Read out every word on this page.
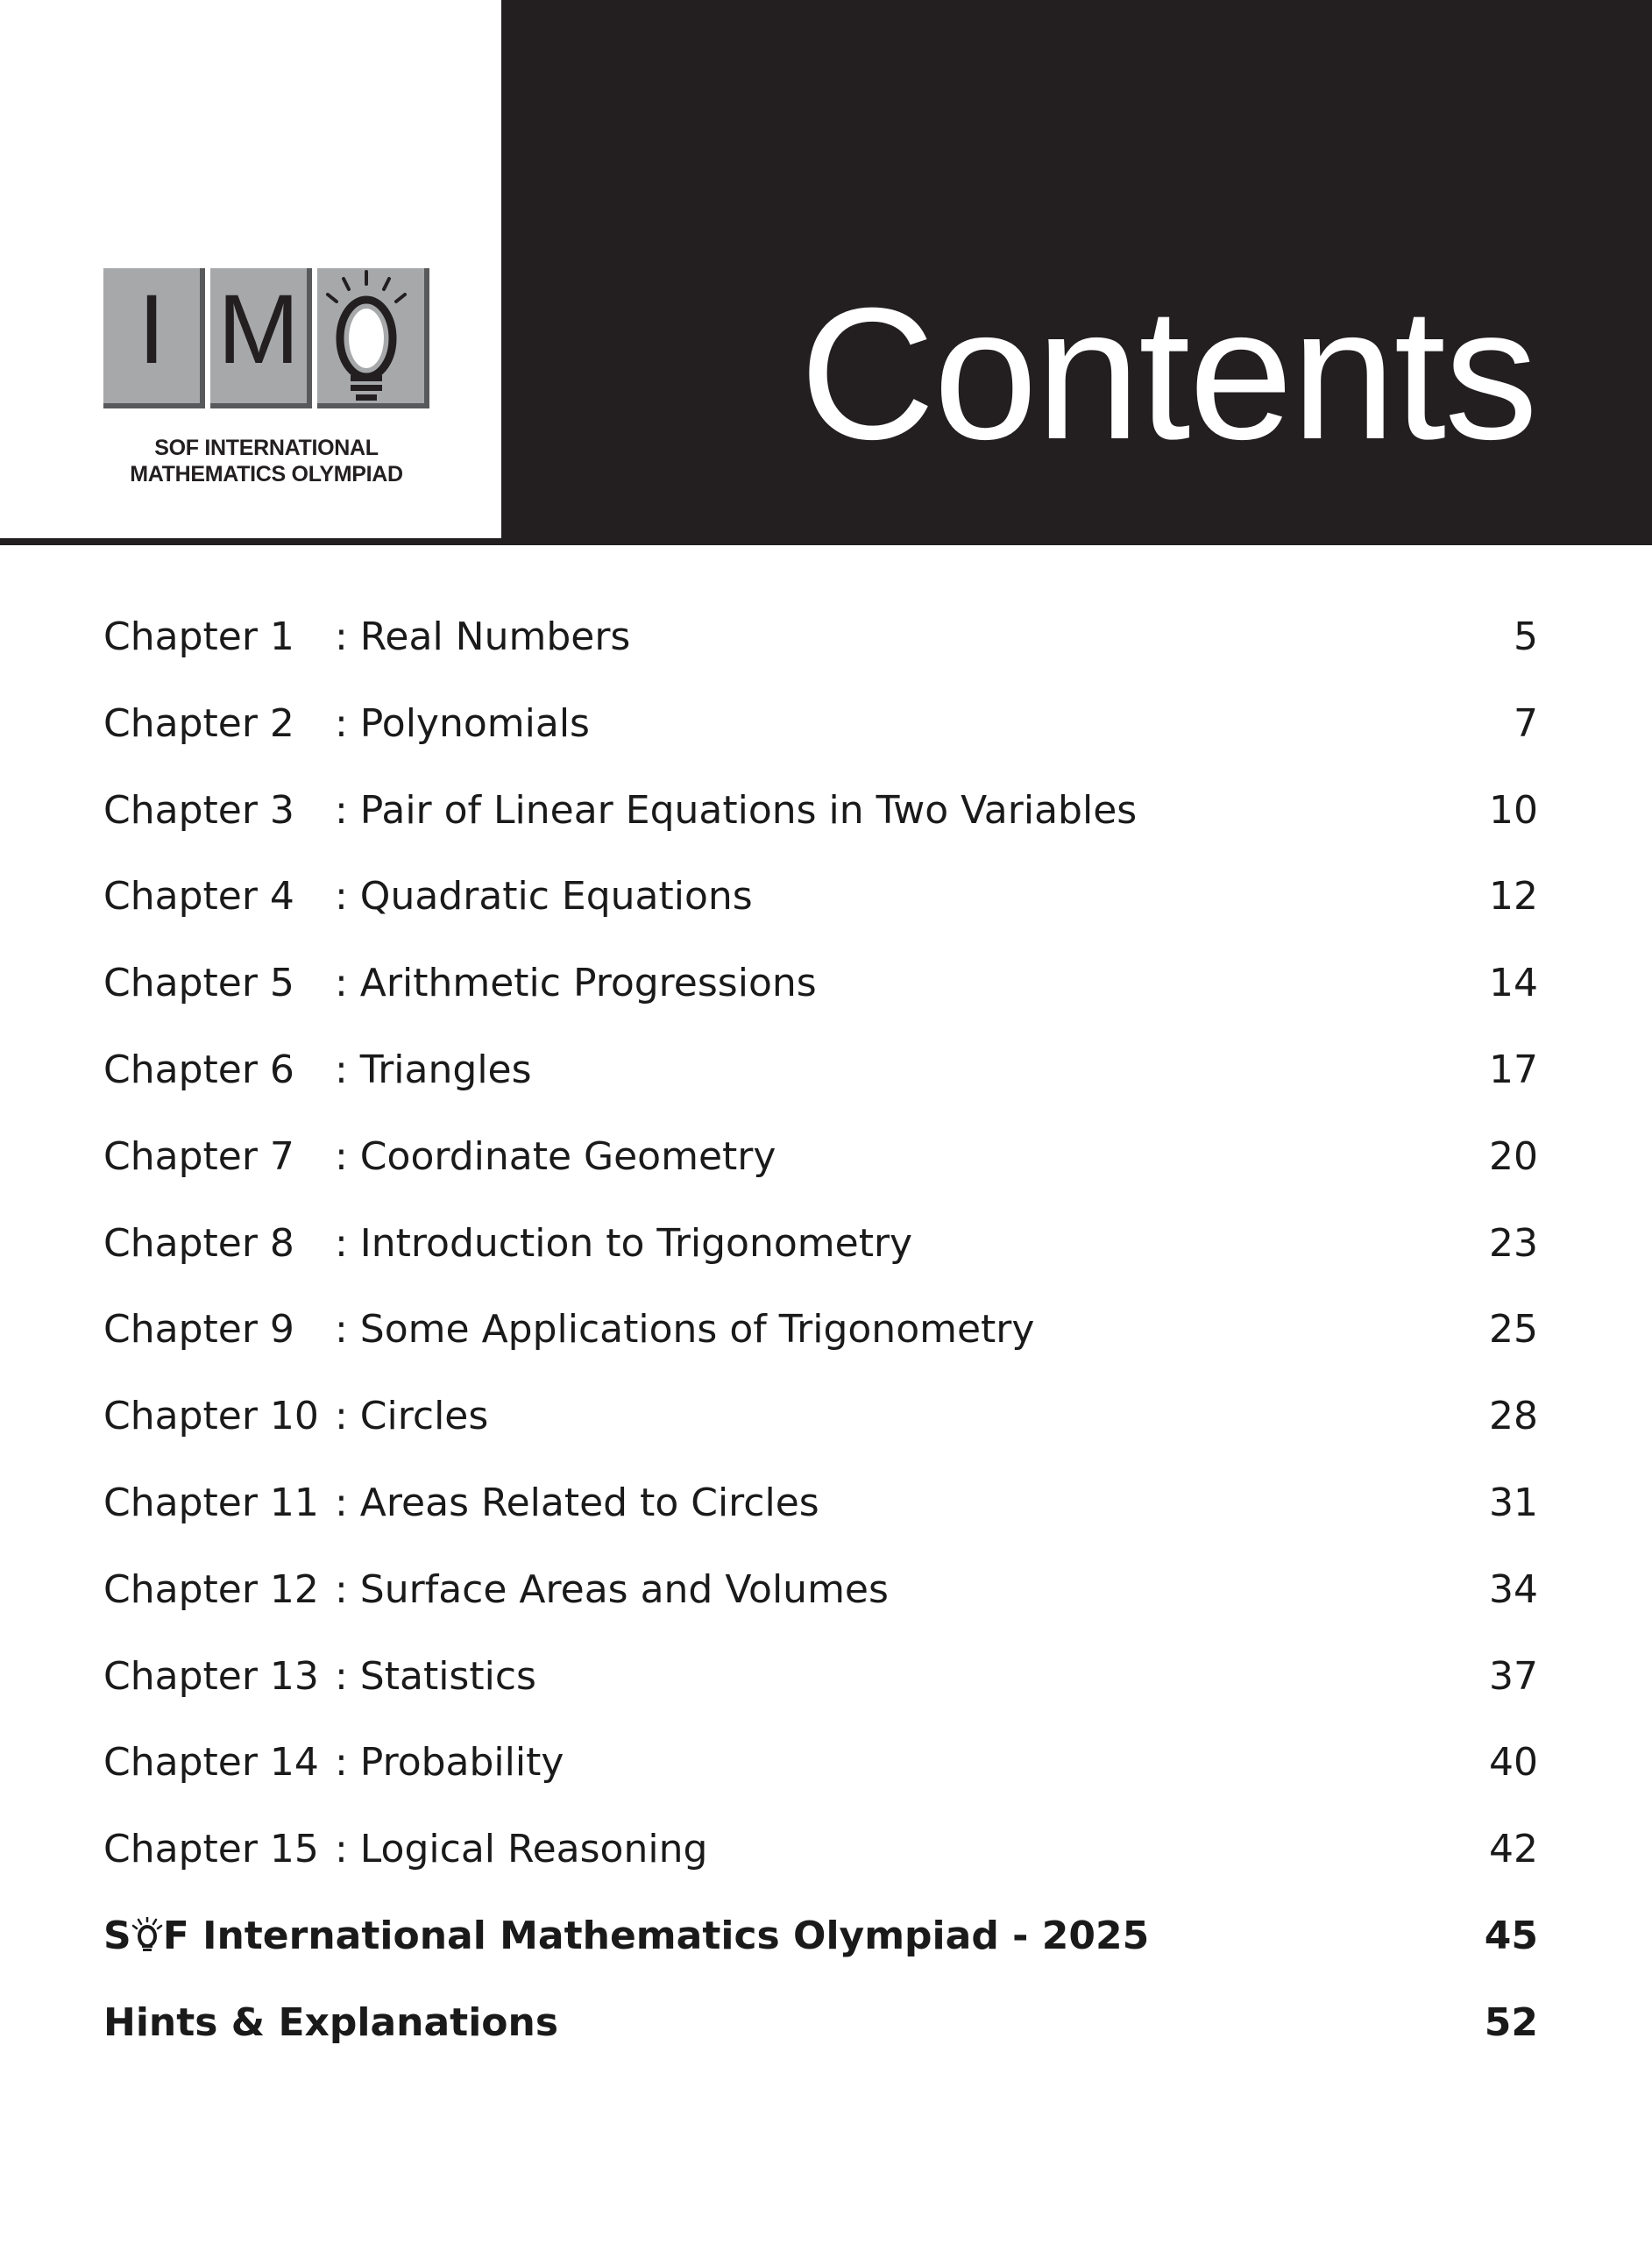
Contents
I M
SOF INTERNATIONAL
MATHEMATICS OLYMPIAD
Chapter 1 : Real Numbers	5
Chapter 2 : Polynomials	7
Chapter 3 : Pair of Linear Equations in Two Variables	10
Chapter 4 : Quadratic Equations	12
Chapter 5 : Arithmetic Progressions	14
Chapter 6 : Triangles	17
Chapter 7 : Coordinate Geometry	20
Chapter 8 : Introduction to Trigonometry	23
Chapter 9 : Some Applications of Trigonometry	25
Chapter 10 : Circles	28
Chapter 11 : Areas Related to Circles	31
Chapter 12 : Surface Areas and Volumes	34
Chapter 13 : Statistics	37
Chapter 14 : Probability	40
Chapter 15 : Logical Reasoning	42
S F International Mathematics Olympiad - 2025	45
Hints & Explanations	52
